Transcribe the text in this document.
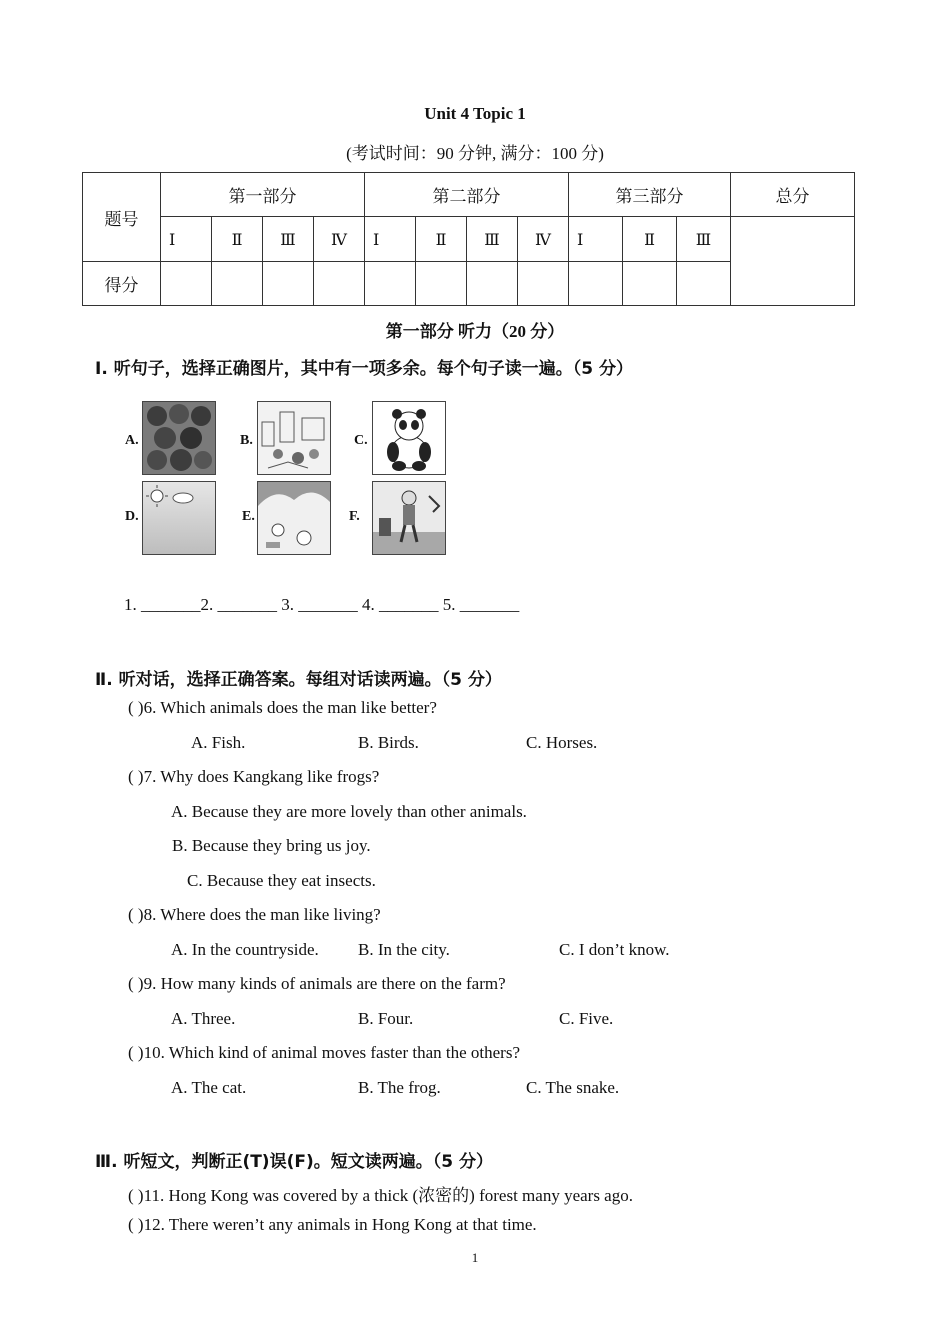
Unit 4 Topic 1
(考试时间：90 分钟, 满分：100 分)
题号	第一部分				第二部分				第三部分			总分
	Ⅰ	Ⅱ	Ⅲ	Ⅳ	Ⅰ	Ⅱ	Ⅲ	Ⅳ	Ⅰ	Ⅱ	Ⅲ	
得分												
第一部分 听力（20 分）
Ⅰ. 听句子，选择正确图片，其中有一项多余。每个句子读一遍。（5 分）
A.	B.	C.
D.	E.	F.
1. _______2. _______ 3. _______ 4. _______ 5. _______
Ⅱ. 听对话，选择正确答案。每组对话读两遍。（5 分）
( )6. Which animals does the man like better?
A. Fish.	B. Birds.	C. Horses.
( )7. Why does Kangkang like frogs?
A. Because they are more lovely than other animals.
B. Because they bring us joy.
C. Because they eat insects.
( )8. Where does the man like living?
A. In the countryside. B. In the city.	C. I don’t know.
( )9. How many kinds of animals are there on the farm?
A. Three.	B. Four.	C. Five.
( )10. Which kind of animal moves faster than the others?
A. The cat.	B. The frog.	C. The snake.
Ⅲ. 听短文，判断正(T)误(F)。短文读两遍。（5 分）
( )11. Hong Kong was covered by a thick (浓密的) forest many years ago.
( )12. There weren’t any animals in Hong Kong at that time.
1
